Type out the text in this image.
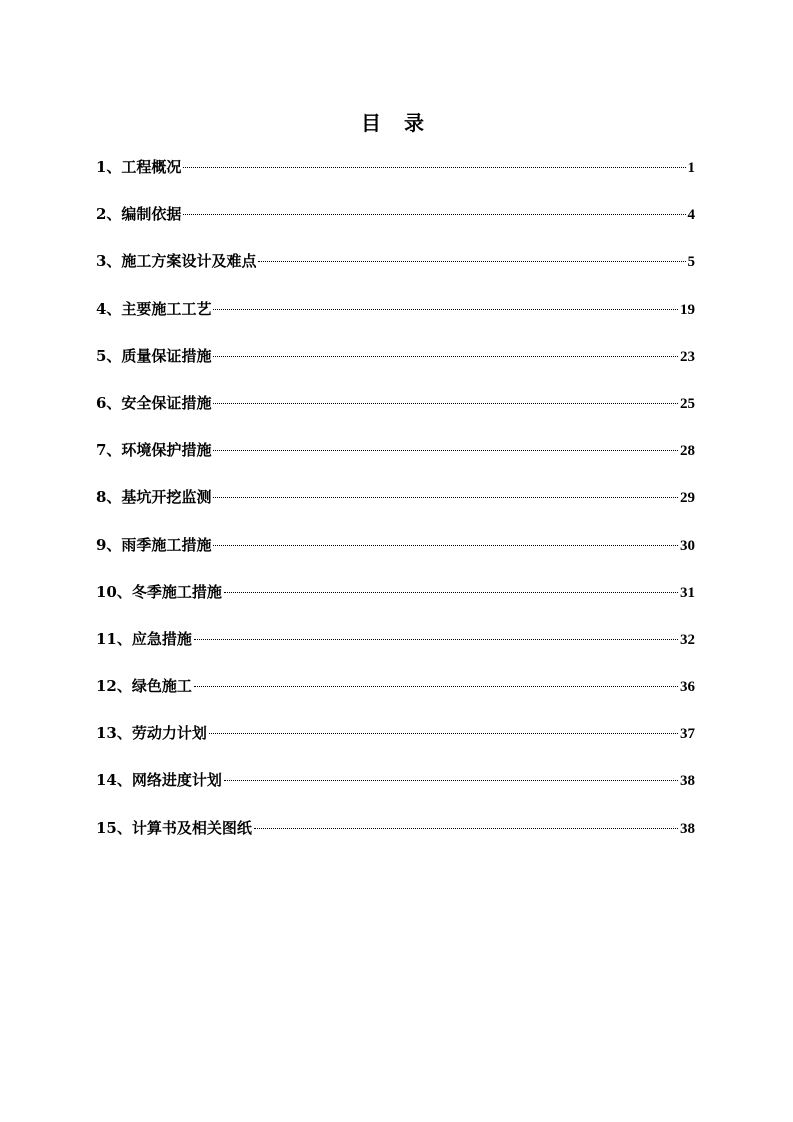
目 录
1、工程概况	1
2、编制依据	4
3、施工方案设计及难点	5
4、主要施工工艺	19
5、质量保证措施	23
6、安全保证措施	25
7、环境保护措施	28
8、基坑开挖监测	29
9、雨季施工措施	30
10、冬季施工措施	31
11、应急措施	32
12、绿色施工	36
13、劳动力计划	37
14、网络进度计划	38
15、计算书及相关图纸	38
